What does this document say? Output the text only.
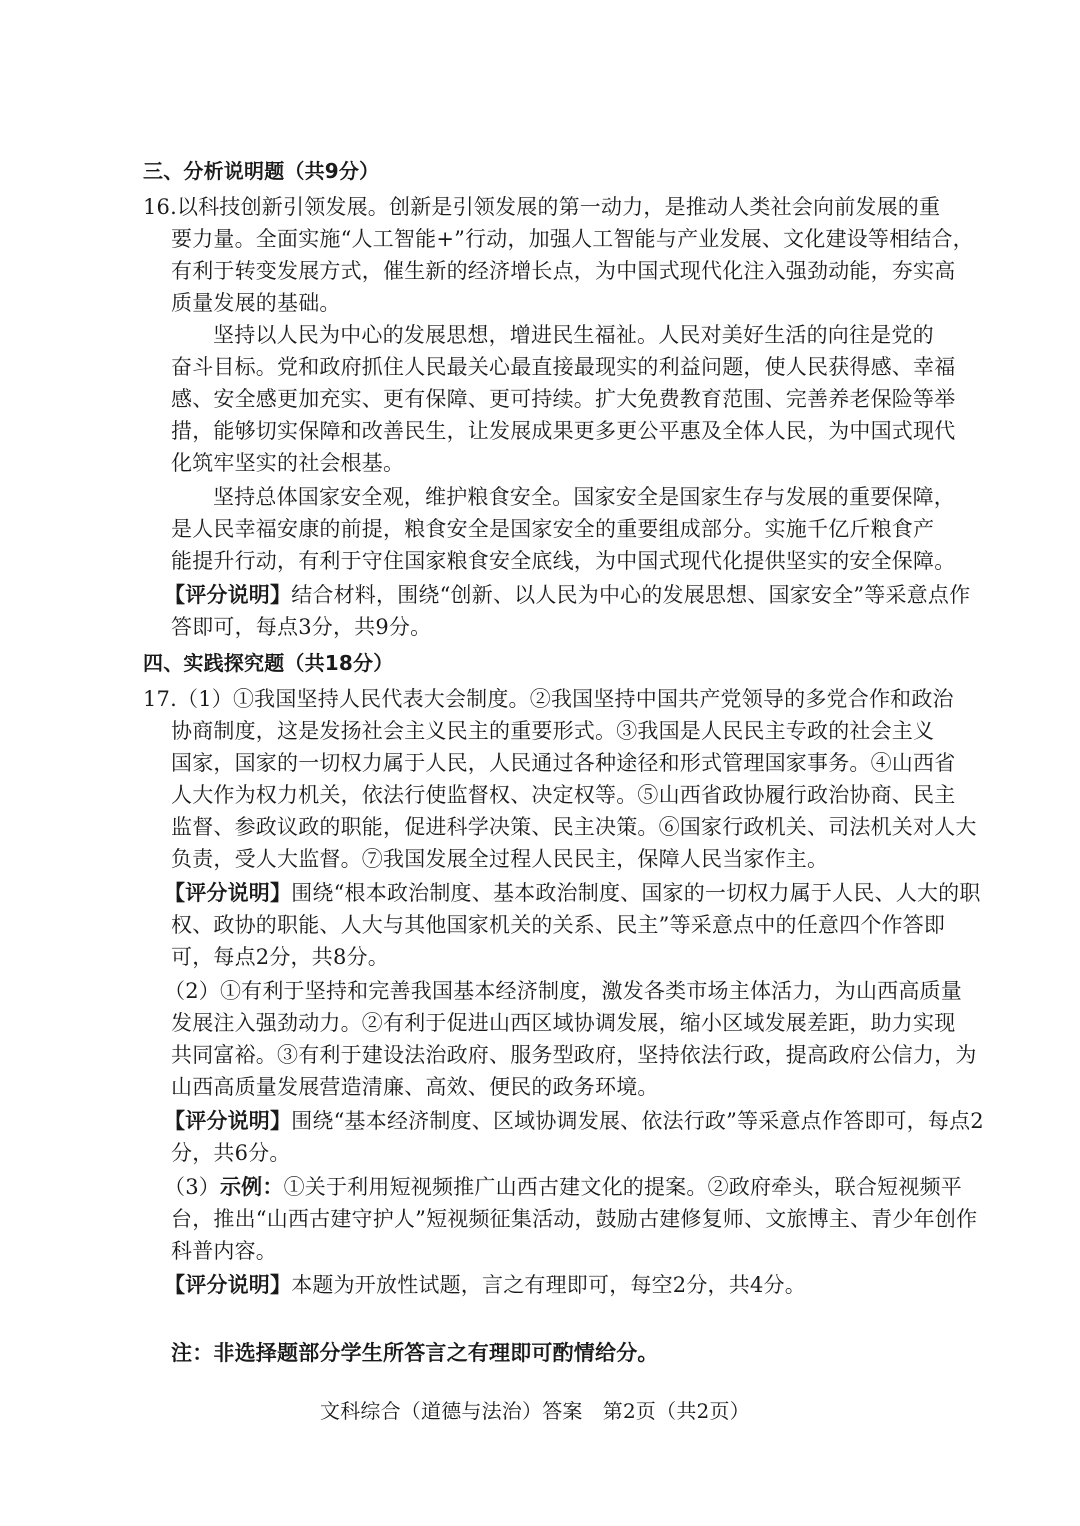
三、分析说明题（共9分）
16.以科技创新引领发展。创新是引领发展的第一动力，是推动人类社会向前发展的重
要力量。全面实施“人工智能+”行动，加强人工智能与产业发展、文化建设等相结合，
有利于转变发展方式，催生新的经济增长点，为中国式现代化注入强劲动能，夯实高
质量发展的基础。
坚持以人民为中心的发展思想，增进民生福祉。人民对美好生活的向往是党的
奋斗目标。党和政府抓住人民最关心最直接最现实的利益问题，使人民获得感、幸福
感、安全感更加充实、更有保障、更可持续。扩大免费教育范围、完善养老保险等举
措，能够切实保障和改善民生，让发展成果更多更公平惠及全体人民，为中国式现代
化筑牢坚实的社会根基。
坚持总体国家安全观，维护粮食安全。国家安全是国家生存与发展的重要保障，
是人民幸福安康的前提，粮食安全是国家安全的重要组成部分。实施千亿斤粮食产
能提升行动，有利于守住国家粮食安全底线，为中国式现代化提供坚实的安全保障。
【评分说明】结合材料，围绕“创新、以人民为中心的发展思想、国家安全”等采意点作
答即可，每点3分，共9分。
四、实践探究题（共18分）
17.（1）①我国坚持人民代表大会制度。②我国坚持中国共产党领导的多党合作和政治
协商制度，这是发扬社会主义民主的重要形式。③我国是人民民主专政的社会主义
国家，国家的一切权力属于人民，人民通过各种途径和形式管理国家事务。④山西省
人大作为权力机关，依法行使监督权、决定权等。⑤山西省政协履行政治协商、民主
监督、参政议政的职能，促进科学决策、民主决策。⑥国家行政机关、司法机关对人大
负责，受人大监督。⑦我国发展全过程人民民主，保障人民当家作主。
【评分说明】围绕“根本政治制度、基本政治制度、国家的一切权力属于人民、人大的职
权、政协的职能、人大与其他国家机关的关系、民主”等采意点中的任意四个作答即
可，每点2分，共8分。
（2）①有利于坚持和完善我国基本经济制度，激发各类市场主体活力，为山西高质量
发展注入强劲动力。②有利于促进山西区域协调发展，缩小区域发展差距，助力实现
共同富裕。③有利于建设法治政府、服务型政府，坚持依法行政，提高政府公信力，为
山西高质量发展营造清廉、高效、便民的政务环境。
【评分说明】围绕“基本经济制度、区域协调发展、依法行政”等采意点作答即可，每点2
分，共6分。
（3）示例：①关于利用短视频推广山西古建文化的提案。②政府牵头，联合短视频平
台，推出“山西古建守护人”短视频征集活动，鼓励古建修复师、文旅博主、青少年创作
科普内容。
【评分说明】本题为开放性试题，言之有理即可，每空2分，共4分。
注：非选择题部分学生所答言之有理即可酌情给分。
文科综合（道德与法治）答案　第2页（共2页）
